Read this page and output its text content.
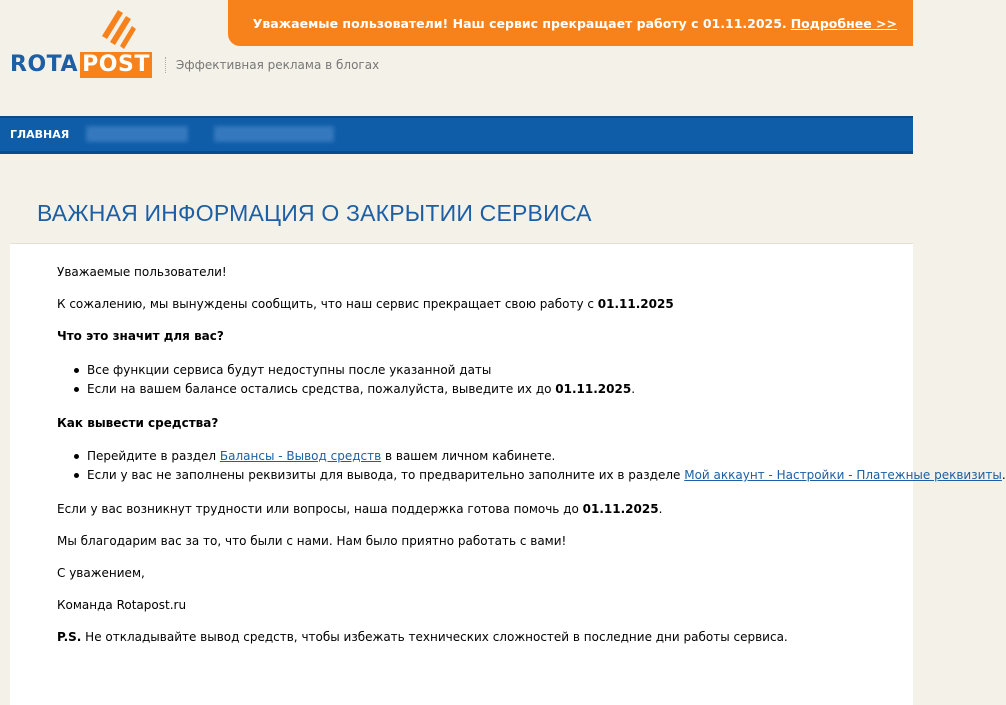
Уважаемые пользователи! Наш сервис прекращает работу с 01.11.2025. Подробнее >>
ROTA POST	Эффективная реклама в блогах
ГЛАВНАЯ
ВАЖНАЯ ИНФОРМАЦИЯ О ЗАКРЫТИИ СЕРВИСА

Уважаемые пользователи!

К сожалению, мы вынуждены сообщить, что наш сервис прекращает свою работу с 01.11.2025

Что это значит для вас?

Все функции сервиса будут недоступны после указанной даты

Если на вашем балансе остались средства, пожалуйста, выведите их до 01.11.2025.

Как вывести средства?

Перейдите в раздел Балансы - Вывод средств в вашем личном кабинете.

Если у вас не заполнены реквизиты для вывода, то предварительно заполните их в разделе Мой аккаунт - Настройки - Платежные реквизиты.

Если у вас возникнут трудности или вопросы, наша поддержка готова помочь до 01.11.2025.

Мы благодарим вас за то, что были с нами. Нам было приятно работать с вами!

С уважением,

Команда Rotapost.ru

P.S. Не откладывайте вывод средств, чтобы избежать технических сложностей в последние дни работы сервиса.
